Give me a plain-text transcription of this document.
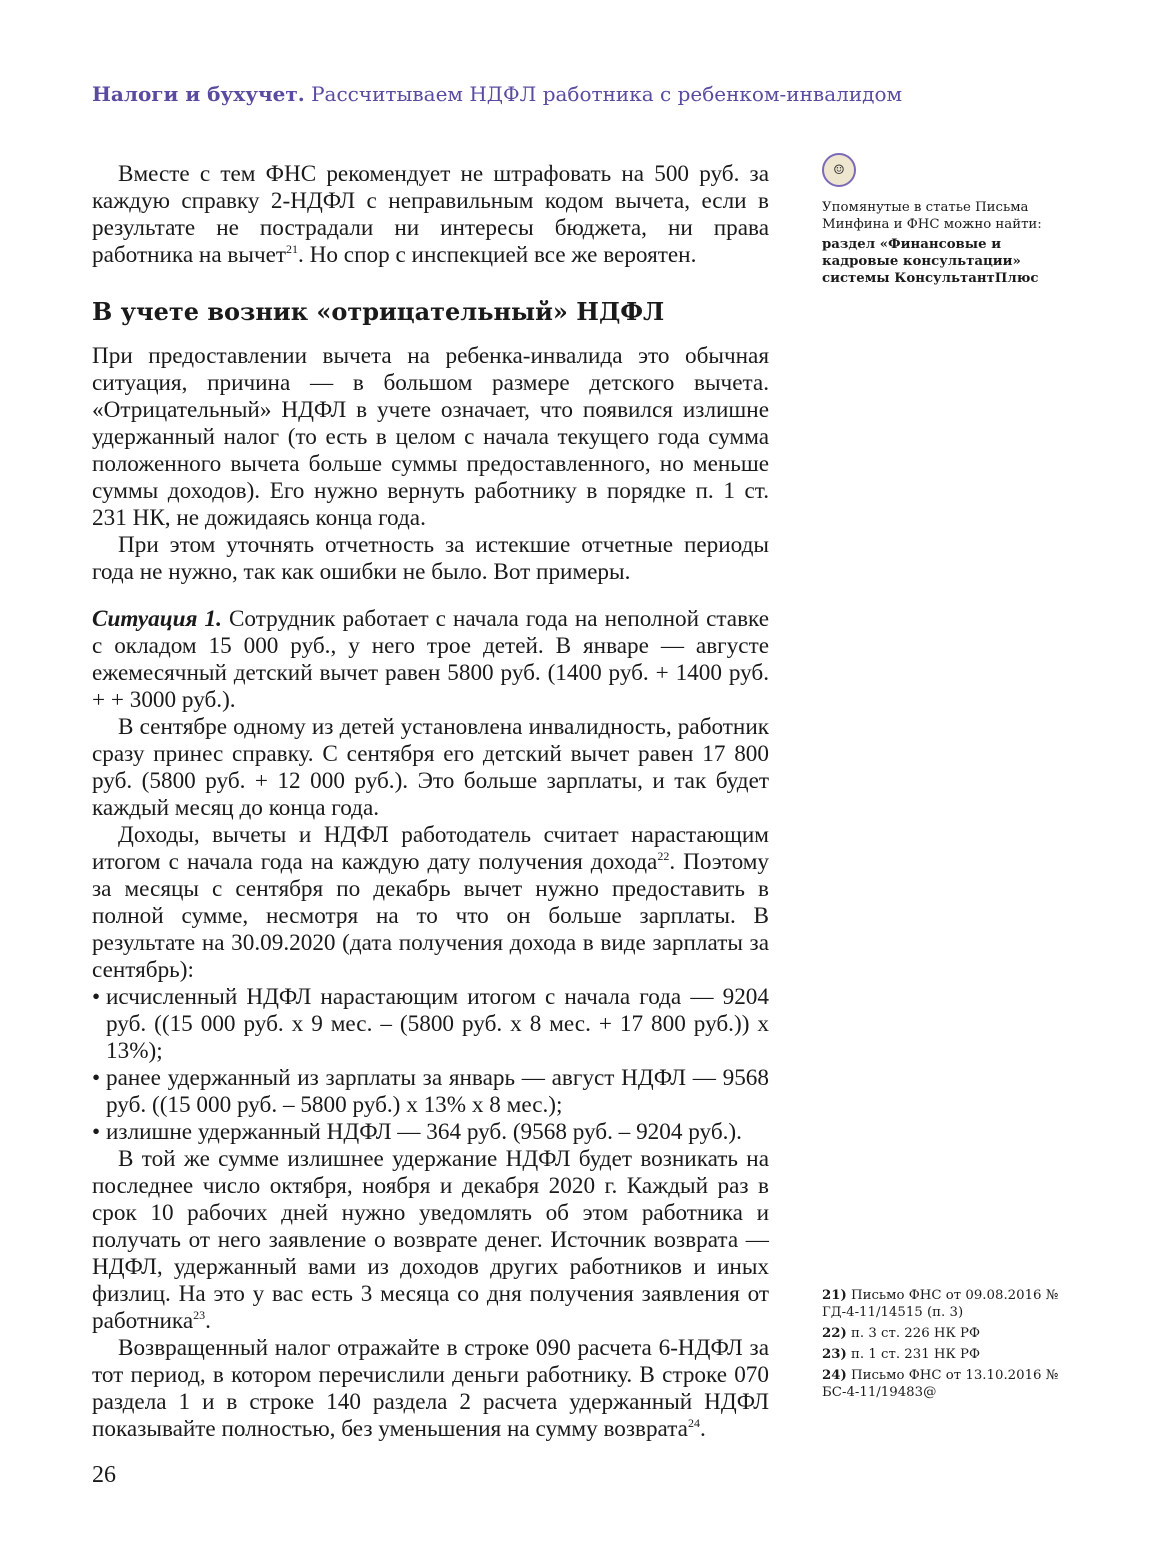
Налоги и бухучет. Рассчитываем НДФЛ работника с ребенком-инвалидом

Вместе с тем ФНС рекомендует не штрафовать на 500 руб. за каждую справку 2-НДФЛ с неправильным кодом вычета, если в результате не пострадали ни интересы бюджета, ни права работника на вычет$^{21}$. Но спор с инспекцией все же вероятен.

В учете возник «отрицательный» НДФЛ

При предоставлении вычета на ребенка-инвалида это обычная ситуация, причина — в большом размере детского вычета. «Отрицательный» НДФЛ в учете означает, что появился излишне удержанный налог (то есть в целом с начала текущего года сумма положенного вычета больше суммы предоставленного, но меньше суммы доходов). Его нужно вернуть работнику в порядке п. 1 ст. 231 НК, не дожидаясь конца года.

При этом уточнять отчетность за истекшие отчетные периоды года не нужно, так как ошибки не было. Вот примеры.

Ситуация 1. Сотрудник работает с начала года на неполной ставке с окладом 15 000 руб., у него трое детей. В январе — августе ежемесячный детский вычет равен 5800 руб. (1400 руб. + 1400 руб. + + 3000 руб.).

В сентябре одному из детей установлена инвалидность, работник сразу принес справку. С сентября его детский вычет равен 17 800 руб. (5800 руб. + 12 000 руб.). Это больше зарплаты, и так будет каждый месяц до конца года.

Доходы, вычеты и НДФЛ работодатель считает нарастающим итогом с начала года на каждую дату получения дохода$^{22}$. Поэтому за месяцы с сентября по декабрь вычет нужно предоставить в полной сумме, несмотря на то что он больше зарплаты. В результате на 30.09.2020 (дата получения дохода в виде зарплаты за сентябрь):

• исчисленный НДФЛ нарастающим итогом с начала года — 9204 руб. ((15 000 руб. x 9 мес. – (5800 руб. x 8 мес. + 17 800 руб.)) x 13%);
• ранее удержанный из зарплаты за январь — август НДФЛ — 9568 руб. ((15 000 руб. – 5800 руб.) x 13% x 8 мес.);
• излишне удержанный НДФЛ — 364 руб. (9568 руб. – 9204 руб.).

В той же сумме излишнее удержание НДФЛ будет возникать на последнее число октября, ноября и декабря 2020 г. Каждый раз в срок 10 рабочих дней нужно уведомлять об этом работника и получать от него заявление о возврате денег. Источник возврата — НДФЛ, удержанный вами из доходов других работников и иных физлиц. На это у вас есть 3 месяца со дня получения заявления от работника$^{23}$.

Возвращенный налог отражайте в строке 090 расчета 6-НДФЛ за тот период, в котором перечислили деньги работнику. В строке 070 раздела 1 и в строке 140 раздела 2 расчета удержанный НДФЛ показывайте полностью, без уменьшения на сумму возврата$^{24}$.

☺
Упомянутые в статье Письма Минфина и ФНС можно найти:
раздел «Финансовые и кадровые консультации» системы КонсультантПлюс
21) Письмо ФНС от 09.08.2016 № ГД-4-11/14515 (п. 3)
22) п. 3 ст. 226 НК РФ
23) п. 1 ст. 231 НК РФ
24) Письмо ФНС от 13.10.2016 № БС-4-11/19483@
26
